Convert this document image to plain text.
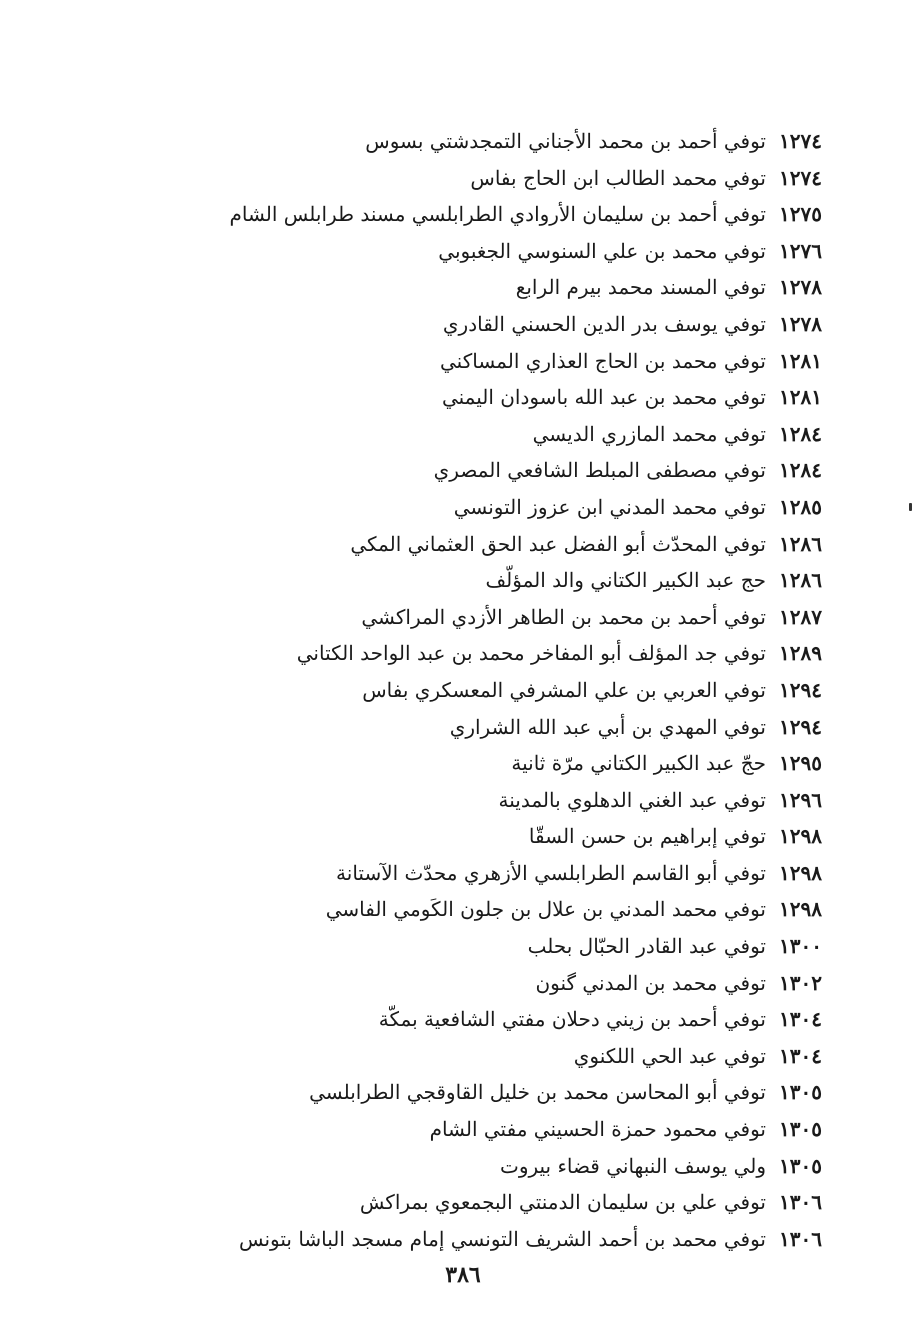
١٢٧٤
توفي أحمد بن محمد الأجناني التمجدشتي بسوس
١٢٧٤
توفي محمد الطالب ابن الحاج بفاس
١٢٧٥
توفي أحمد بن سليمان الأروادي الطرابلسي مسند طرابلس الشام
١٢٧٦
توفي محمد بن علي السنوسي الجغبوبي
١٢٧٨
توفي المسند محمد بيرم الرابع
١٢٧٨
توفي يوسف بدر الدين الحسني القادري
١٢٨١
توفي محمد بن الحاج العذاري المساكني
١٢٨١
توفي محمد بن عبد الله باسودان اليمني
١٢٨٤
توفي محمد المازري الديسي
١٢٨٤
توفي مصطفى المبلط الشافعي المصري
١٢٨٥
توفي محمد المدني ابن عزوز التونسي
١٢٨٦
توفي المحدّث أبو الفضل عبد الحق العثماني المكي
١٢٨٦
حج عبد الكبير الكتاني والد المؤلّف
١٢٨٧
توفي أحمد بن محمد بن الطاهر الأزدي المراكشي
١٢٨٩
توفي جد المؤلف أبو المفاخر محمد بن عبد الواحد الكتاني
١٢٩٤
توفي العربي بن علي المشرفي المعسكري بفاس
١٢٩٤
توفي المهدي بن أبي عبد الله الشراري
١٢٩٥
حجّ عبد الكبير الكتاني مرّة ثانية
١٢٩٦
توفي عبد الغني الدهلوي بالمدينة
١٢٩٨
توفي إبراهيم بن حسن السقّا
١٢٩٨
توفي أبو القاسم الطرابلسي الأزهري محدّث الآستانة
١٢٩٨
توفي محمد المدني بن علال بن جلون الكَومي الفاسي
١٣٠٠
توفي عبد القادر الحبّال بحلب
١٣٠٢
توفي محمد بن المدني گنون
١٣٠٤
توفي أحمد بن زيني دحلان مفتي الشافعية بمكّة
١٣٠٤
توفي عبد الحي اللكنوي
١٣٠٥
توفي أبو المحاسن محمد بن خليل القاوقجي الطرابلسي
١٣٠٥
توفي محمود حمزة الحسيني مفتي الشام
١٣٠٥
ولي يوسف النبهاني قضاء بيروت
١٣٠٦
توفي علي بن سليمان الدمنتي البجمعوي بمراكش
١٣٠٦
توفي محمد بن أحمد الشريف التونسي إمام مسجد الباشا بتونس
٣٨٦
